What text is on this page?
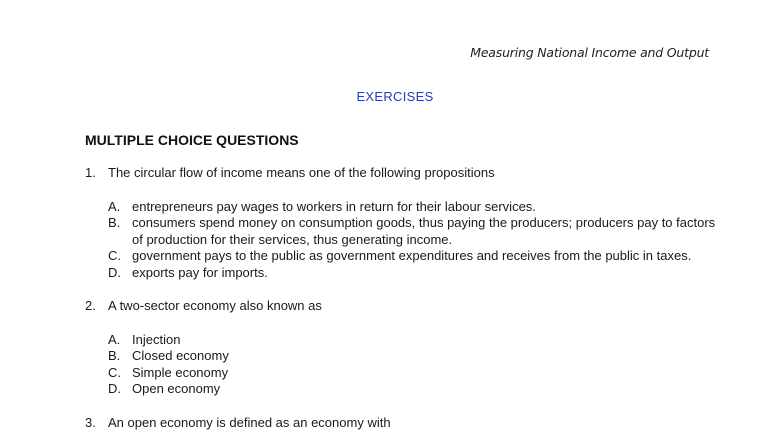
Measuring National Income and Output
EXERCISES
MULTIPLE CHOICE QUESTIONS
1. The circular flow of income means one of the following propositions
A. entrepreneurs pay wages to workers in return for their labour services.
B. consumers spend money on consumption goods, thus paying the producers; producers pay to factors of production for their services, thus generating income.
C. government pays to the public as government expenditures and receives from the public in taxes.
D. exports pay for imports.
2. A two-sector economy also known as
A. Injection
B. Closed economy
C. Simple economy
D. Open economy
3. An open economy is defined as an economy with
